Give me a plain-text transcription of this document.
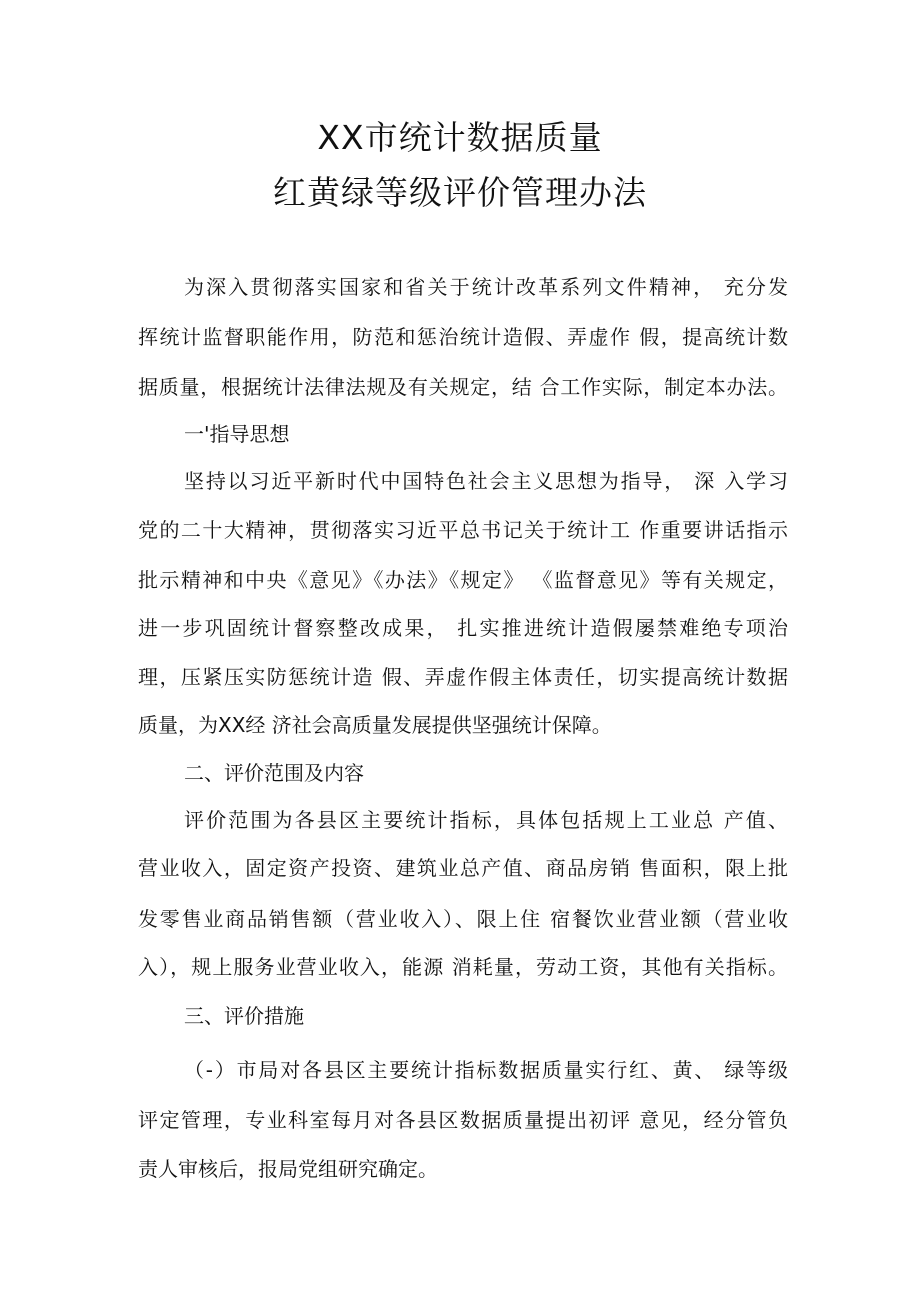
XX市统计数据质量
红黄绿等级评价管理办法

为深入贯彻落实国家和省关于统计改革系列文件精神， 充分发

挥统计监督职能作用，防范和惩治统计造假、弄虚作 假，提高统计数

据质量，根据统计法律法规及有关规定，结 合工作实际，制定本办法。

一'指导思想

坚持以习近平新时代中国特色社会主义思想为指导， 深 入学习

党的二十大精神，贯彻落实习近平总书记关于统计工 作重要讲话指示

批示精神和中央《意见》《办法》《规定》 《监督意见》等有关规定，

进一步巩固统计督察整改成果， 扎实推进统计造假屡禁难绝专项治

理，压紧压实防惩统计造 假、弄虚作假主体责任，切实提高统计数据

质量，为XX经 济社会高质量发展提供坚强统计保障。

二、评价范围及内容

评价范围为各县区主要统计指标，具体包括规上工业总 产值、

营业收入，固定资产投资、建筑业总产值、商品房销 售面积，限上批

发零售业商品销售额（营业收入）、限上住 宿餐饮业营业额（营业收

入），规上服务业营业收入，能源 消耗量，劳动工资，其他有关指标。

三、评价措施

（-）市局对各县区主要统计指标数据质量实行红、黄、 绿等级

评定管理，专业科室每月对各县区数据质量提出初评 意见，经分管负

责人审核后，报局党组研究确定。
